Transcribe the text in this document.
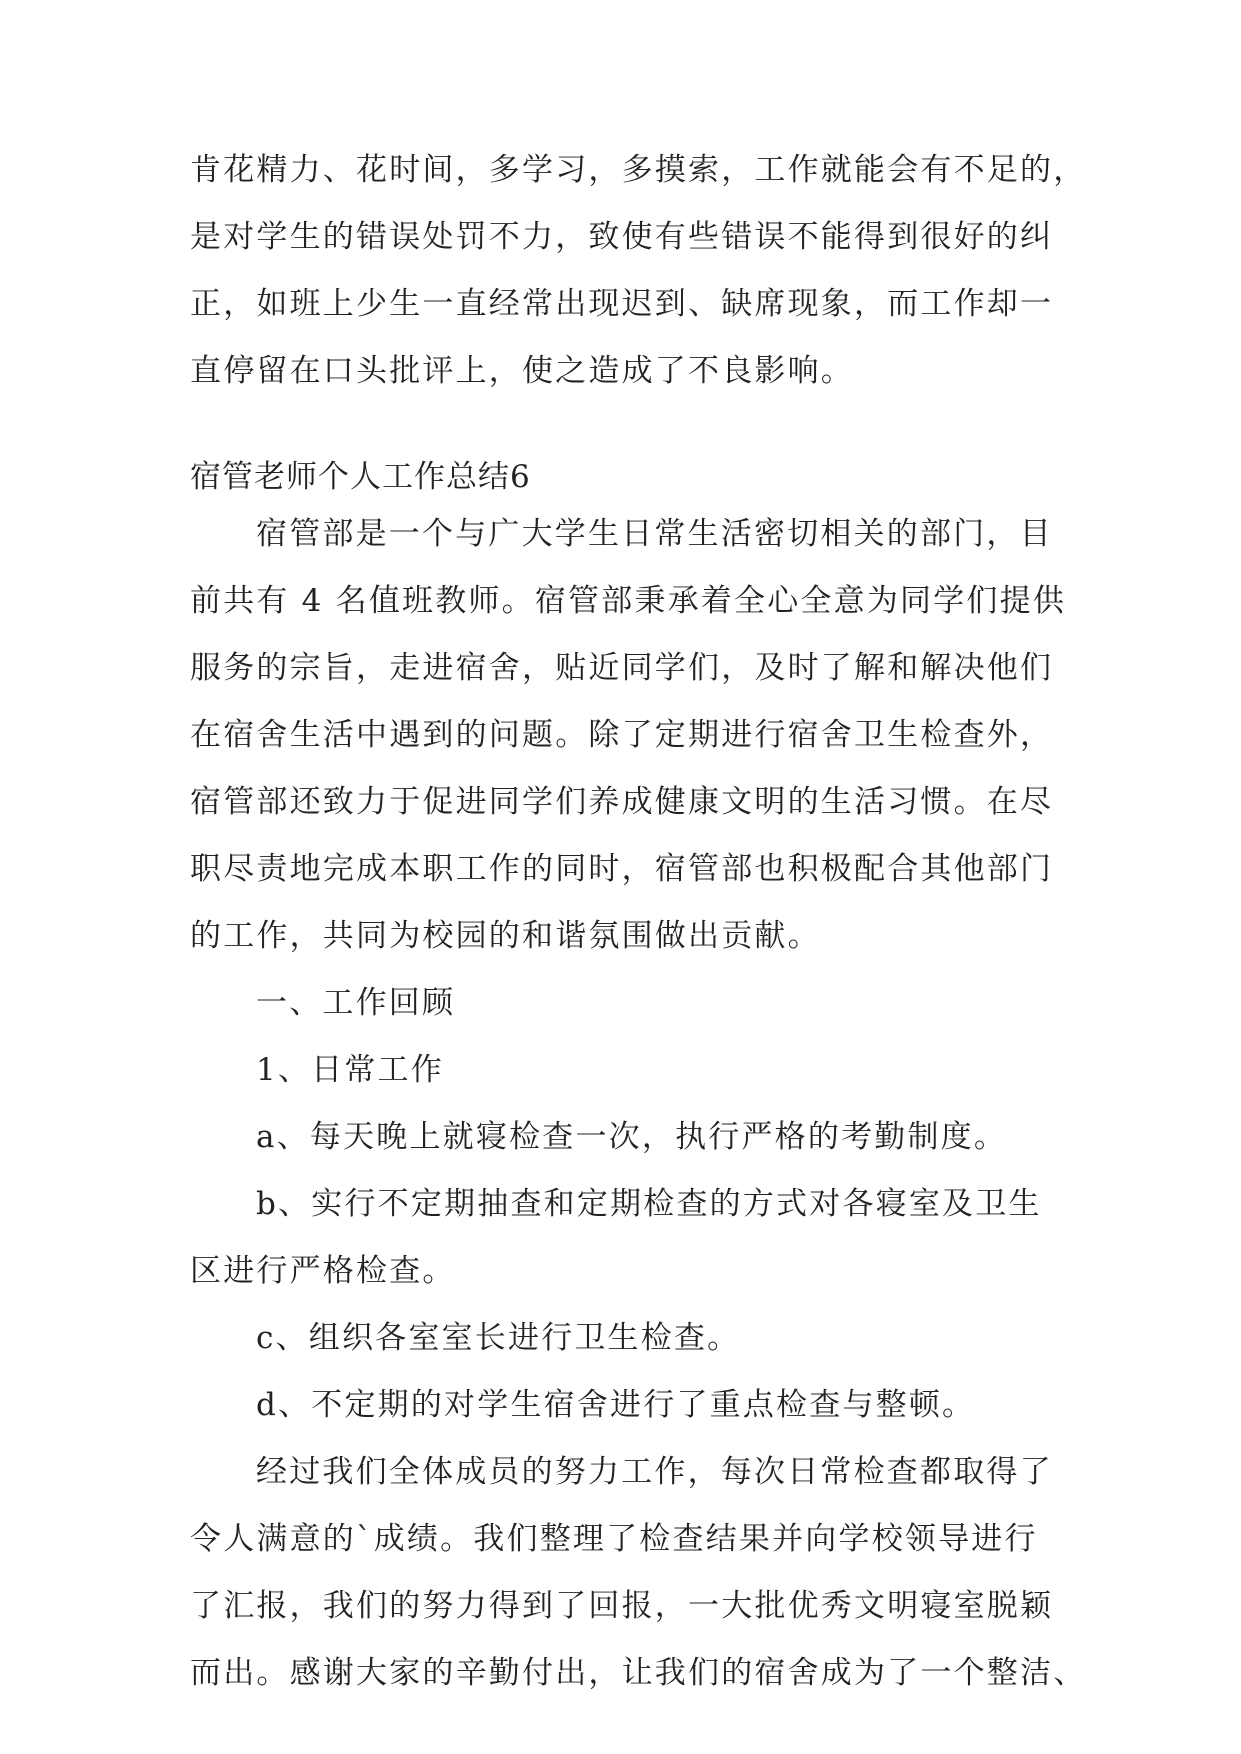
肯花精力、花时间，多学习，多摸索，工作就能会有不足的，
是对学生的错误处罚不力，致使有些错误不能得到很好的纠
正，如班上少生一直经常出现迟到、缺席现象，而工作却一
直停留在口头批评上，使之造成了不良影响。
宿管老师个人工作总结6
宿管部是一个与广大学生日常生活密切相关的部门，目
前共有 4 名值班教师。宿管部秉承着全心全意为同学们提供
服务的宗旨，走进宿舍，贴近同学们，及时了解和解决他们
在宿舍生活中遇到的问题。除了定期进行宿舍卫生检查外，
宿管部还致力于促进同学们养成健康文明的生活习惯。在尽
职尽责地完成本职工作的同时，宿管部也积极配合其他部门
的工作，共同为校园的和谐氛围做出贡献。
一、工作回顾
1、日常工作
a、每天晚上就寝检查一次，执行严格的考勤制度。
b、实行不定期抽查和定期检查的方式对各寝室及卫生
区进行严格检查。
c、组织各室室长进行卫生检查。
d、不定期的对学生宿舍进行了重点检查与整顿。
经过我们全体成员的努力工作，每次日常检查都取得了
令人满意的`成绩。我们整理了检查结果并向学校领导进行
了汇报，我们的努力得到了回报，一大批优秀文明寝室脱颖
而出。感谢大家的辛勤付出，让我们的宿舍成为了一个整洁、
